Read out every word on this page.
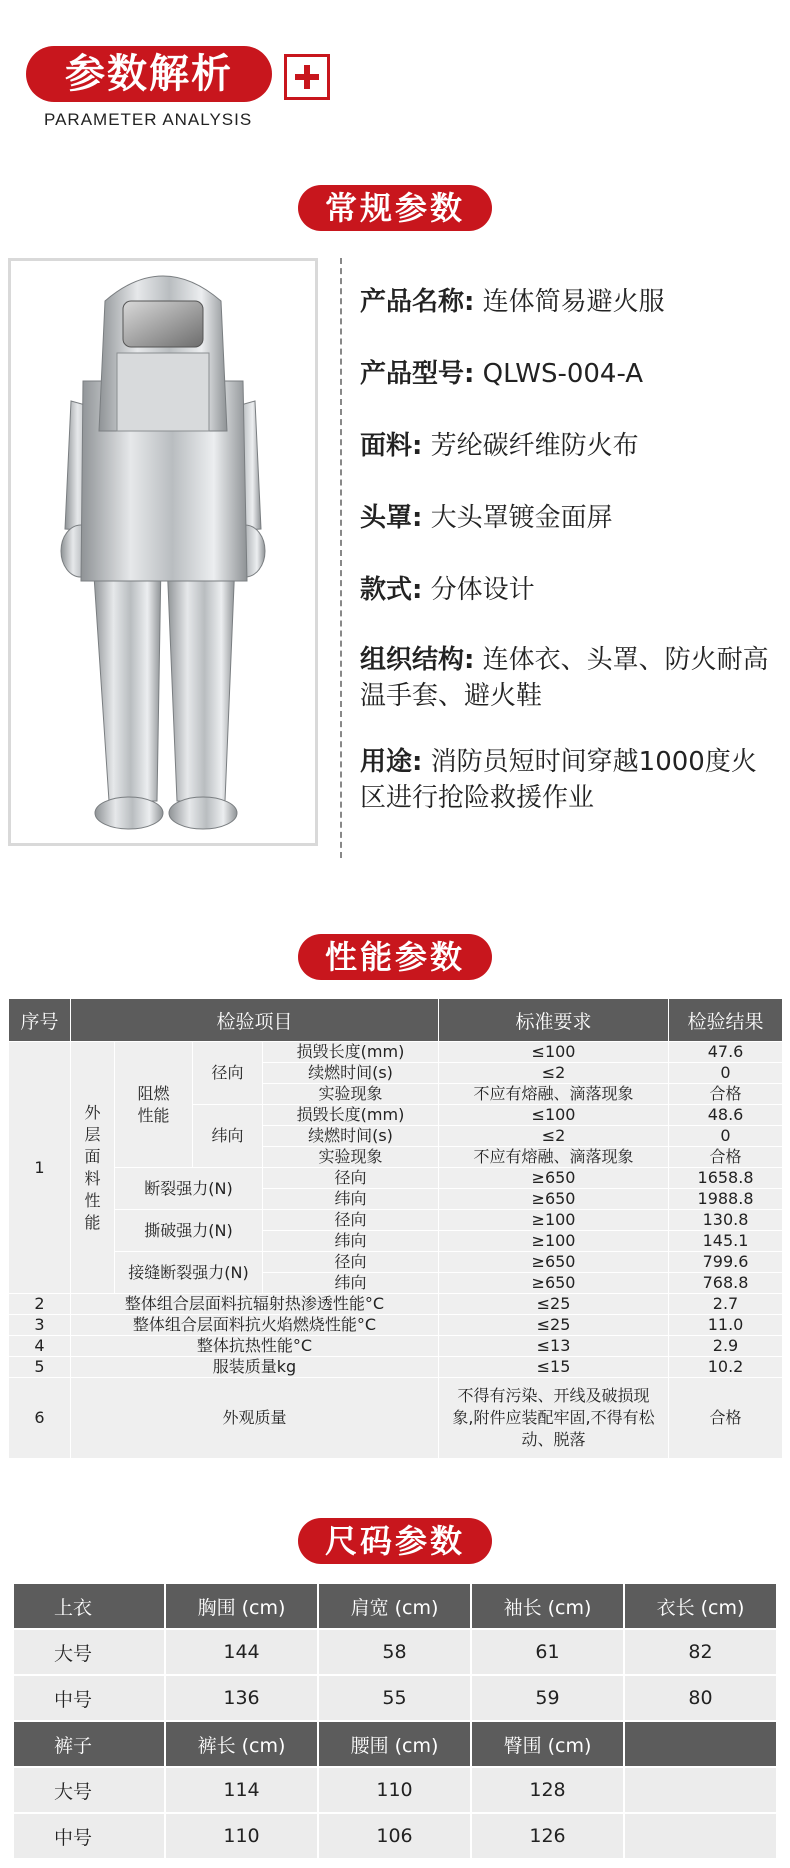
参数解析
PARAMETER ANALYSIS
常规参数
产品名称: 连体简易避火服
产品型号: QLWS-004-A
面料: 芳纶碳纤维防火布
头罩: 大头罩镀金面屏
款式: 分体设计
组织结构: 连体衣、头罩、防火耐高温手套、避火鞋
用途: 消防员短时间穿越1000度火区进行抢险救援作业
性能参数
序号	检验项目				标准要求	检验结果
1	外层面料性能	阻燃性能	径向	损毁长度(mm)	≤100	47.6
				续燃时间(s)	≤2	0
				实验现象	不应有熔融、滴落现象	合格
			纬向	损毁长度(mm)	≤100	48.6
				续燃时间(s)	≤2	0
				实验现象	不应有熔融、滴落现象	合格
		断裂强力(N)		径向	≥650	1658.8
				纬向	≥650	1988.8
		撕破强力(N)		径向	≥100	130.8
				纬向	≥100	145.1
		接缝断裂强力(N)		径向	≥650	799.6
				纬向	≥650	768.8
2	整体组合层面料抗辐射热渗透性能°C				≤25	2.7
3	整体组合层面料抗火焰燃烧性能°C				≤25	11.0
4	整体抗热性能°C				≤13	2.9
5	服装质量kg				≤15	10.2
6	外观质量				不得有污染、开线及破损现象,附件应装配牢固,不得有松动、脱落	合格
尺码参数
上衣	胸围 (cm)	肩宽 (cm)	袖长 (cm)	衣长 (cm)
大号	144	58	61	82
中号	136	55	59	80
裤子	裤长 (cm)	腰围 (cm)	臀围 (cm)	
大号	114	110	128	
中号	110	106	126	
